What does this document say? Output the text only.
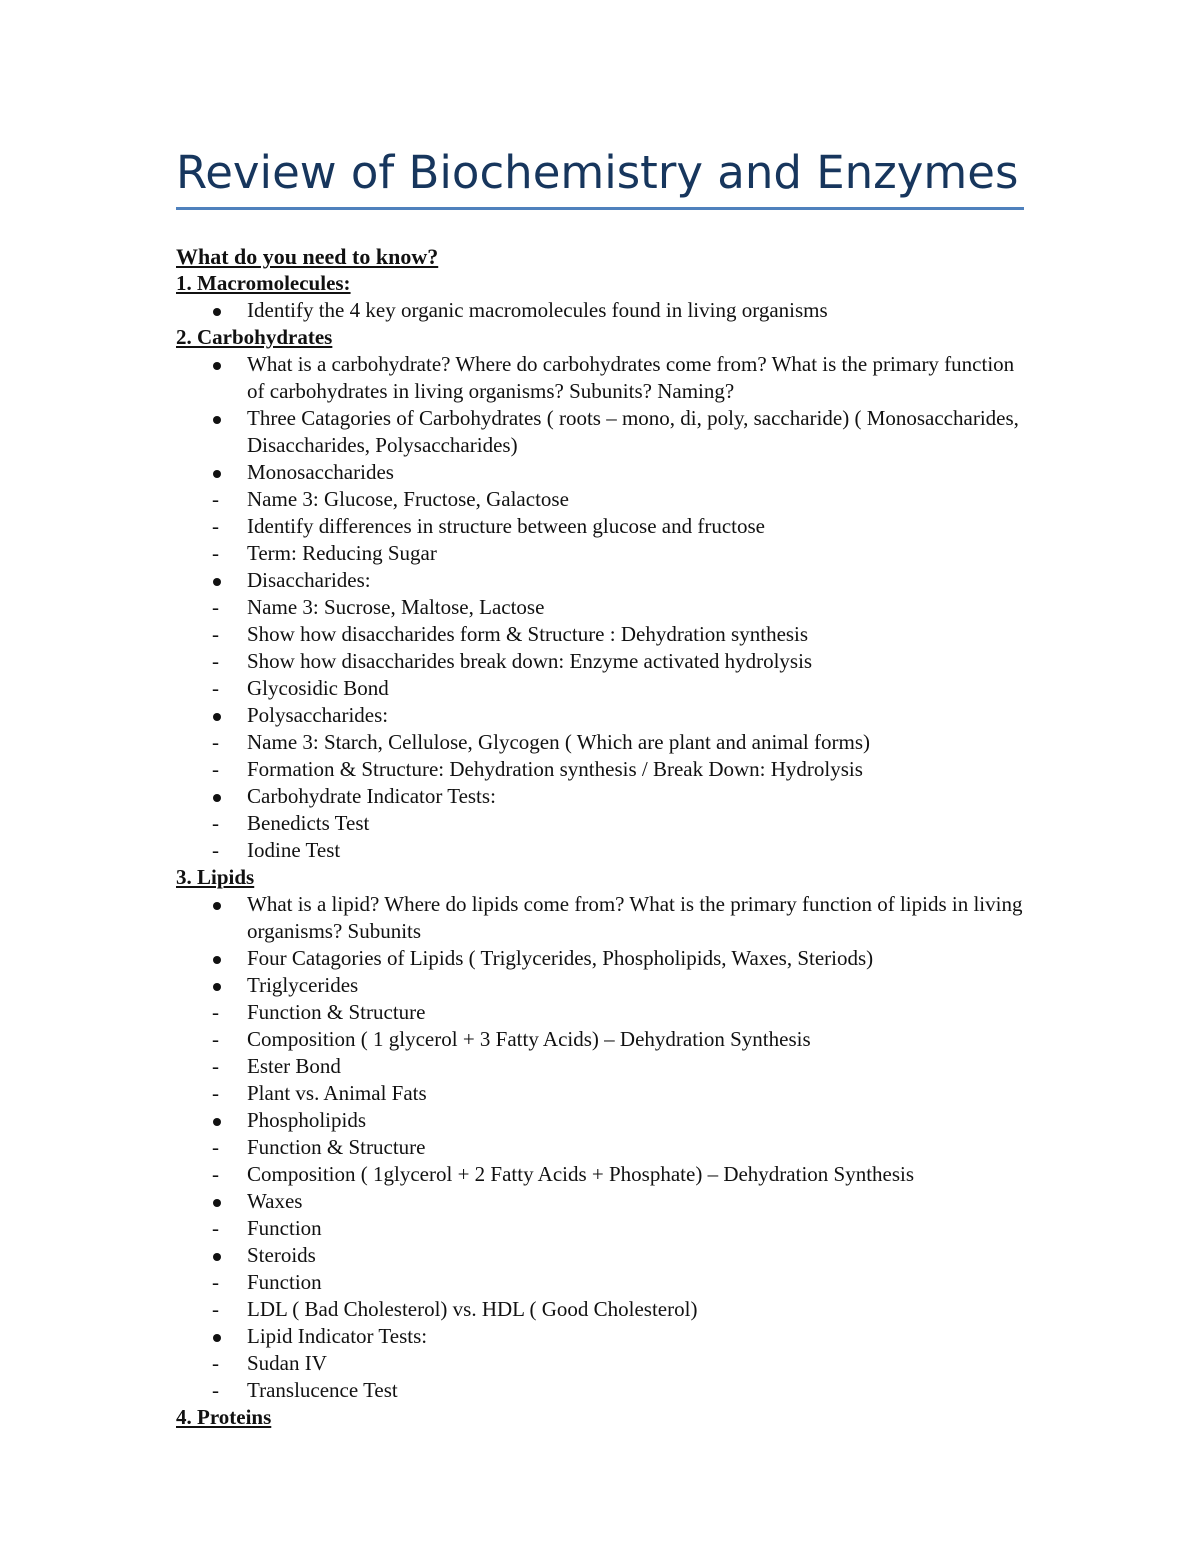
Review of Biochemistry and Enzymes
What do you need to know?
1. Macromolecules:
Identify the 4 key organic macromolecules found in living organisms
2. Carbohydrates
What is a carbohydrate? Where do carbohydrates come from? What is the primary function of carbohydrates in living organisms? Subunits? Naming?
Three Catagories of Carbohydrates ( roots – mono, di, poly, saccharide) ( Monosaccharides, Disaccharides, Polysaccharides)
Monosaccharides
- Name 3: Glucose, Fructose, Galactose
- Identify differences in structure between glucose and fructose
- Term: Reducing Sugar
Disaccharides:
- Name 3: Sucrose, Maltose, Lactose
- Show how disaccharides form & Structure : Dehydration synthesis
- Show how disaccharides break down: Enzyme activated hydrolysis
- Glycosidic Bond
Polysaccharides:
- Name 3: Starch, Cellulose, Glycogen ( Which are plant and animal forms)
- Formation & Structure: Dehydration synthesis / Break Down: Hydrolysis
Carbohydrate Indicator Tests:
- Benedicts Test
- Iodine Test
3. Lipids
What is a lipid? Where do lipids come from? What is the primary function of lipids in living organisms? Subunits
Four Catagories of Lipids ( Triglycerides, Phospholipids, Waxes, Steriods)
Triglycerides
- Function & Structure
- Composition ( 1 glycerol + 3 Fatty Acids) – Dehydration Synthesis
- Ester Bond
- Plant vs. Animal Fats
Phospholipids
- Function & Structure
- Composition ( 1glycerol + 2 Fatty Acids + Phosphate) – Dehydration Synthesis
Waxes
- Function
Steroids
- Function
- LDL ( Bad Cholesterol) vs. HDL ( Good Cholesterol)
Lipid Indicator Tests:
- Sudan IV
- Translucence Test
4. Proteins
